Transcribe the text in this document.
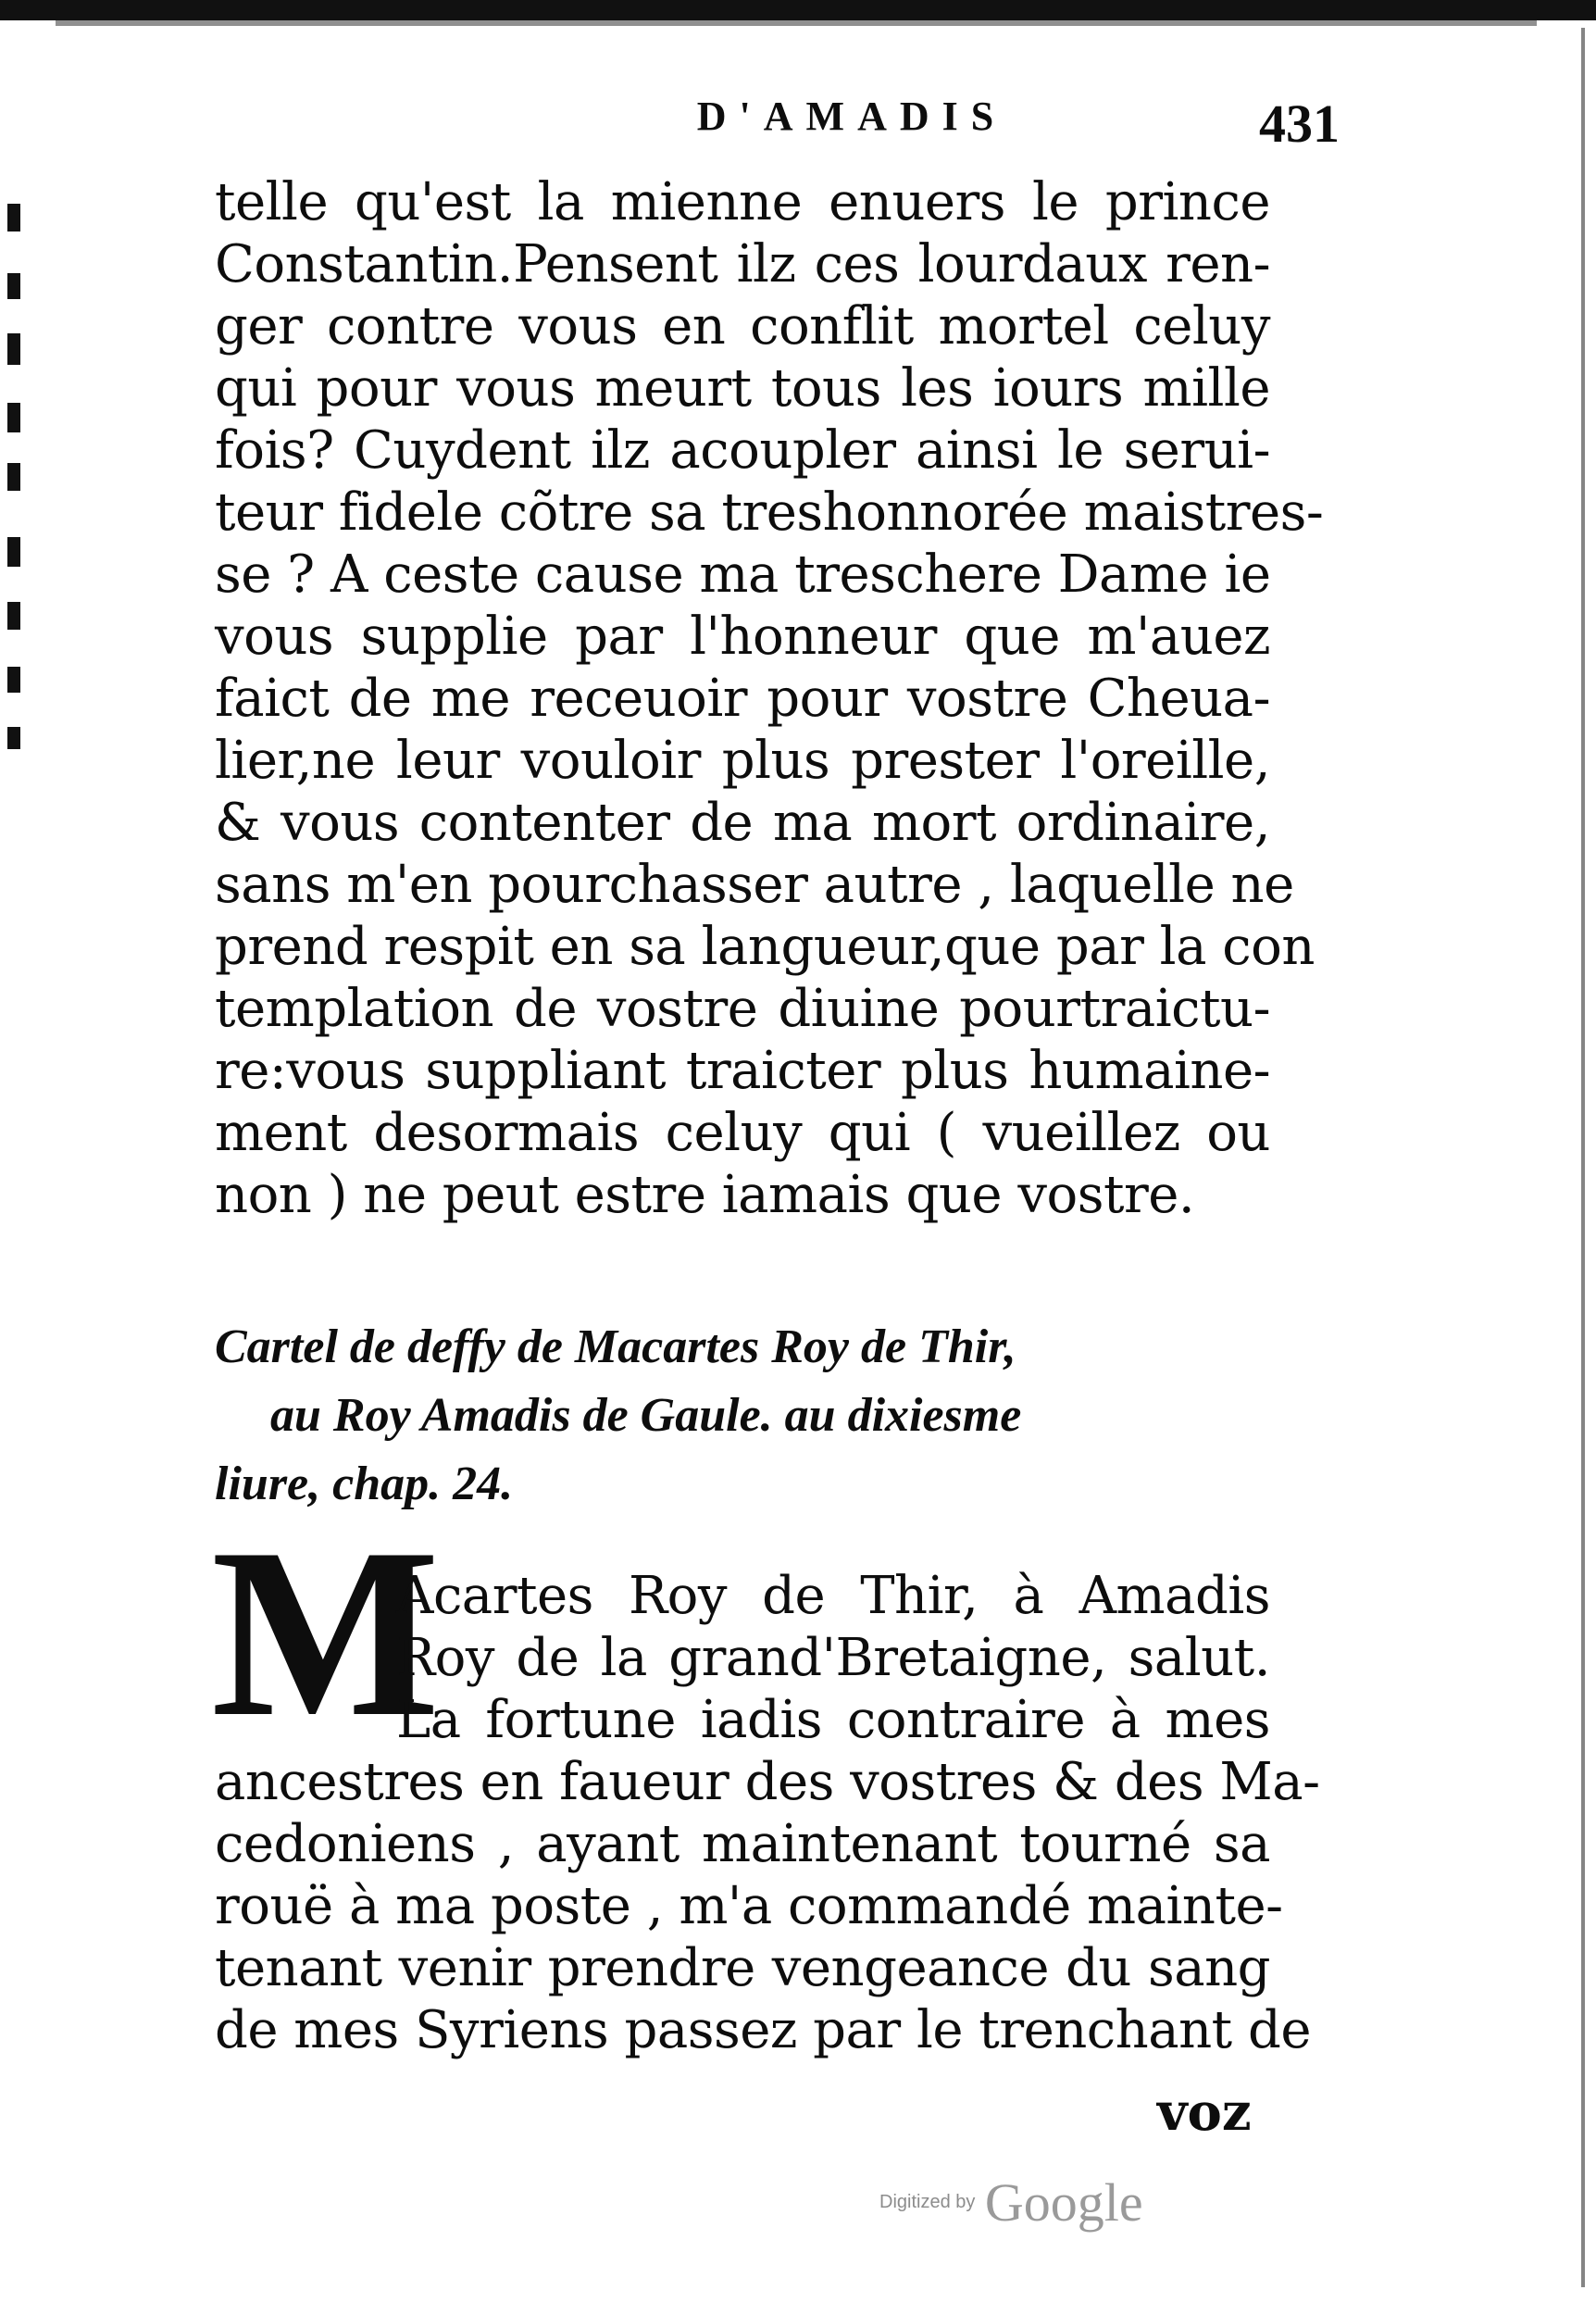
D'AMADIS	431
telle qu'est la mienne enuers le prince
Constantin.Pensent ilz ces lourdaux ren-
ger contre vous en conflit mortel celuy
qui pour vous meurt tous les iours mille
fois? Cuydent ilz acoupler ainsi le serui-
teur fidele cõtre sa treshonnorée maistres-
se ? A ceste cause ma treschere Dame ie
vous supplie par l'honneur que m'auez
faict de me receuoir pour vostre Cheua-
lier,ne leur vouloir plus prester l'oreille,
& vous contenter de ma mort ordinaire,
sans m'en pourchasser autre , laquelle ne
prend respit en sa langueur,que par la con
templation de vostre diuine pourtraictu-
re:vous suppliant traicter plus humaine-
ment desormais celuy qui ( vueillez ou
non ) ne peut estre iamais que vostre.
Cartel de deffy de Macartes Roy de Thir,
au Roy Amadis de Gaule. au dixiesme
liure, chap. 24.
M
Acartes Roy de Thir, à Amadis
Roy de la grand'Bretaigne, salut.
La fortune iadis contraire à mes
ancestres en faueur des vostres & des Ma-
cedoniens , ayant maintenant tourné sa
rouë à ma poste , m'a commandé mainte-
tenant venir prendre vengeance du sang
de mes Syriens passez par le trenchant de
voz
Digitized by Google
